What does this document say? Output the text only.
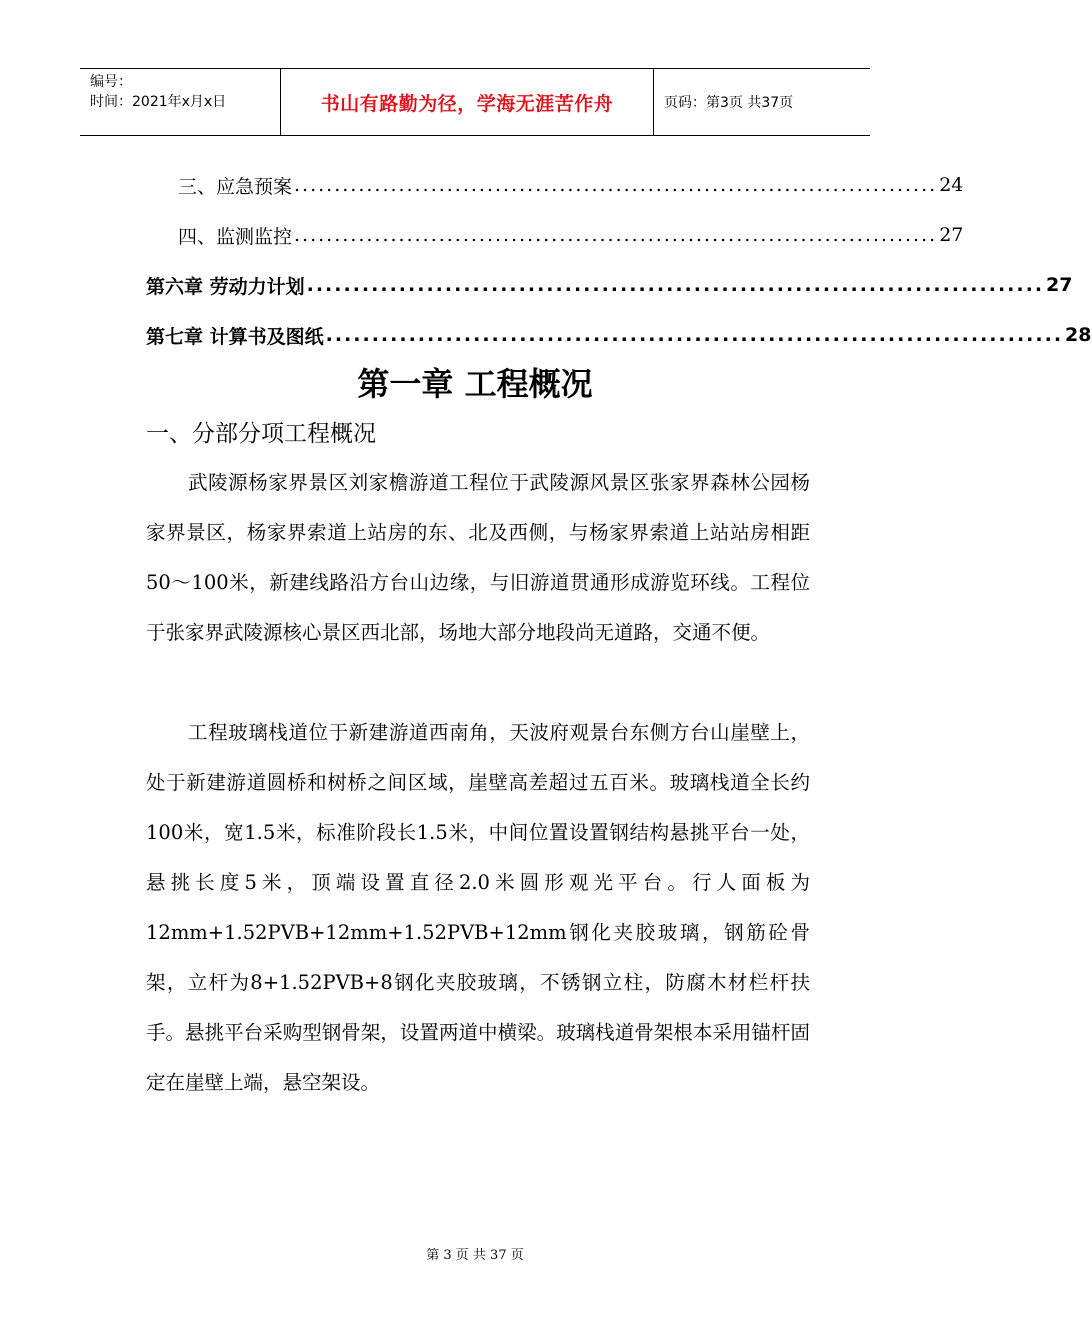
编号：
时间：2021年x月x日	书山有路勤为径，学海无涯苦作舟	页码：第3页 共37页
三、应急预案 ................................................................................ 24
四、监测监控 ................................................................................ 27
第六章 劳动力计划 ................................................................................ 27
第七章 计算书及图纸 ................................................................................ 28
第一章 工程概况
一、分部分项工程概况

武陵源杨家界景区刘家檐游道工程位于武陵源风景区张家界森林公园杨家界景区，杨家界索道上站房的东、北及西侧，与杨家界索道上站站房相距50～100米，新建线路沿方台山边缘，与旧游道贯通形成游览环线。工程位于张家界武陵源核心景区西北部，场地大部分地段尚无道路，交通不便。

工程玻璃栈道位于新建游道西南角，天波府观景台东侧方台山崖壁上，处于新建游道圆桥和树桥之间区域，崖壁高差超过五百米。玻璃栈道全长约100米，宽1.5米，标准阶段长1.5米，中间位置设置钢结构悬挑平台一处，悬挑长度5米，顶端设置直径2.0米圆形观光平台。行人面板为12mm+1.52PVB+12mm+1.52PVB+12mm钢化夹胶玻璃，钢筋砼骨架，立杆为8+1.52PVB+8钢化夹胶玻璃，不锈钢立柱，防腐木材栏杆扶手。悬挑平台采购型钢骨架，设置两道中横梁。玻璃栈道骨架根本采用锚杆固定在崖壁上端，悬空架设。

第 3 页 共 37 页
